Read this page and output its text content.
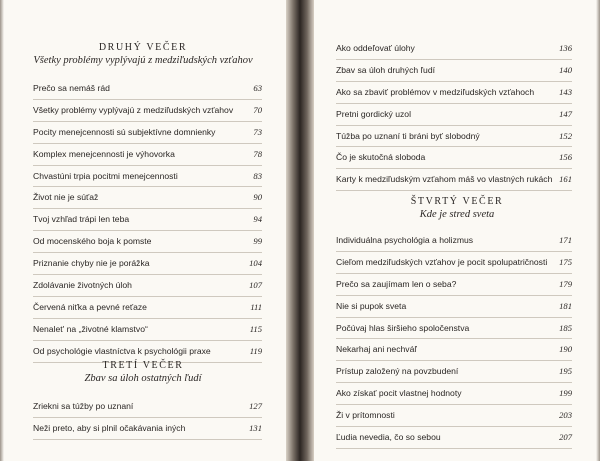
DRUHÝ VEČER

Všetky problémy vyplývajú z medziľudských vzťahov

Prečo sa nemáš rád	63
Všetky problémy vyplývajú z medziľudských vzťahov 70
Pocity menejcennosti sú subjektívne domnienky	73
Komplex menejcennosti je výhovorka	78
Chvastúni trpia pocitmi menejcennosti	83
Život nie je súťaž	90
Tvoj vzhľad trápi len teba	94
Od mocenského boja k pomste	99
Priznanie chyby nie je porážka	104
Zdolávanie životných úloh	107
Červená niťka a pevné reťaze	111
Nenalet' na „životné klamstvo“	115
Od psychológie vlastníctva k psychológii praxe	119

TRETÍ VEČER

Zbav sa úloh ostatných ľudí

Zrieknі sa túžby po uznaní	127
Neži preto, aby si plnil očakávania iných	131
Ako oddeľovať úlohy	136
Zbav sa úloh druhých ľudí	140
Ako sa zbaviť problémov v medziľudských vzťahoch	143
Pretni gordický uzol	147
Túžba po uznaní ti bráni byť slobodný	152
Čo je skutočná sloboda	156
Karty k medziľudským vzťahom máš vo vlastných rukách 161

ŠTVRTÝ VEČER

Kde je stred sveta

Individuálna psychológia a holizmus	171
Cieľom medziľudských vzťahov je pocit spolupatričnosti 175
Prečo sa zaujímam len o seba?	179
Nie si pupok sveta	181
Počúvaj hlas širšieho spoločenstva	185
Nekarhaj ani nechváľ	190
Prístup založený na povzbudení	195
Ako získať pocit vlastnej hodnoty	199
Ži v prítomnosti	203
Ľudia nevedia, čo so sebou	207
